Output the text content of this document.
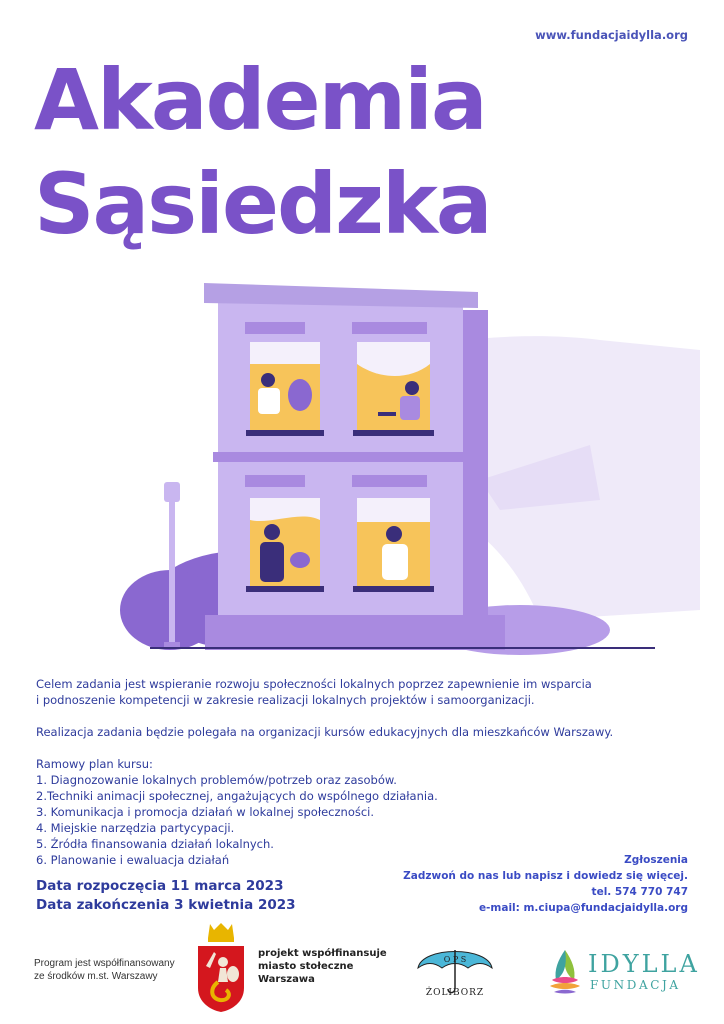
www.fundacjaidylla.org
Akademia
Sąsiedzka

Celem zadania jest wspieranie rozwoju społeczności lokalnych poprzez zapewnienie im wsparcia

i podnoszenie kompetencji w zakresie realizacji lokalnych projektów i samoorganizacji.

Realizacja zadania będzie polegała na organizacji kursów edukacyjnych dla mieszkańców Warszawy.

Ramowy plan kursu:

1. Diagnozowanie lokalnych problemów/potrzeb oraz zasobów.
2.Techniki animacji społecznej, angażujących do wspólnego działania.
3. Komunikacja i promocja działań w lokalnej społeczności.
4. Miejskie narzędzia partycypacji.
5. Źródła finansowania działań lokalnych.
6. Planowanie i ewaluacja działań
Data rozpoczęcia 11 marca 2023
Data zakończenia 3 kwietnia 2023
Zgłoszenia
Zadzwoń do nas lub napisz i dowiedz się więcej.
tel. 574 770 747
e-mail: m.ciupa@fundacjaidylla.org
Program jest współfinansowany
ze środków m.st. Warszawy
projekt współfinansuje
miasto stołeczne
Warszawa
O P S
ŻOLIBORZ
IDYLLA
FUNDACJA
